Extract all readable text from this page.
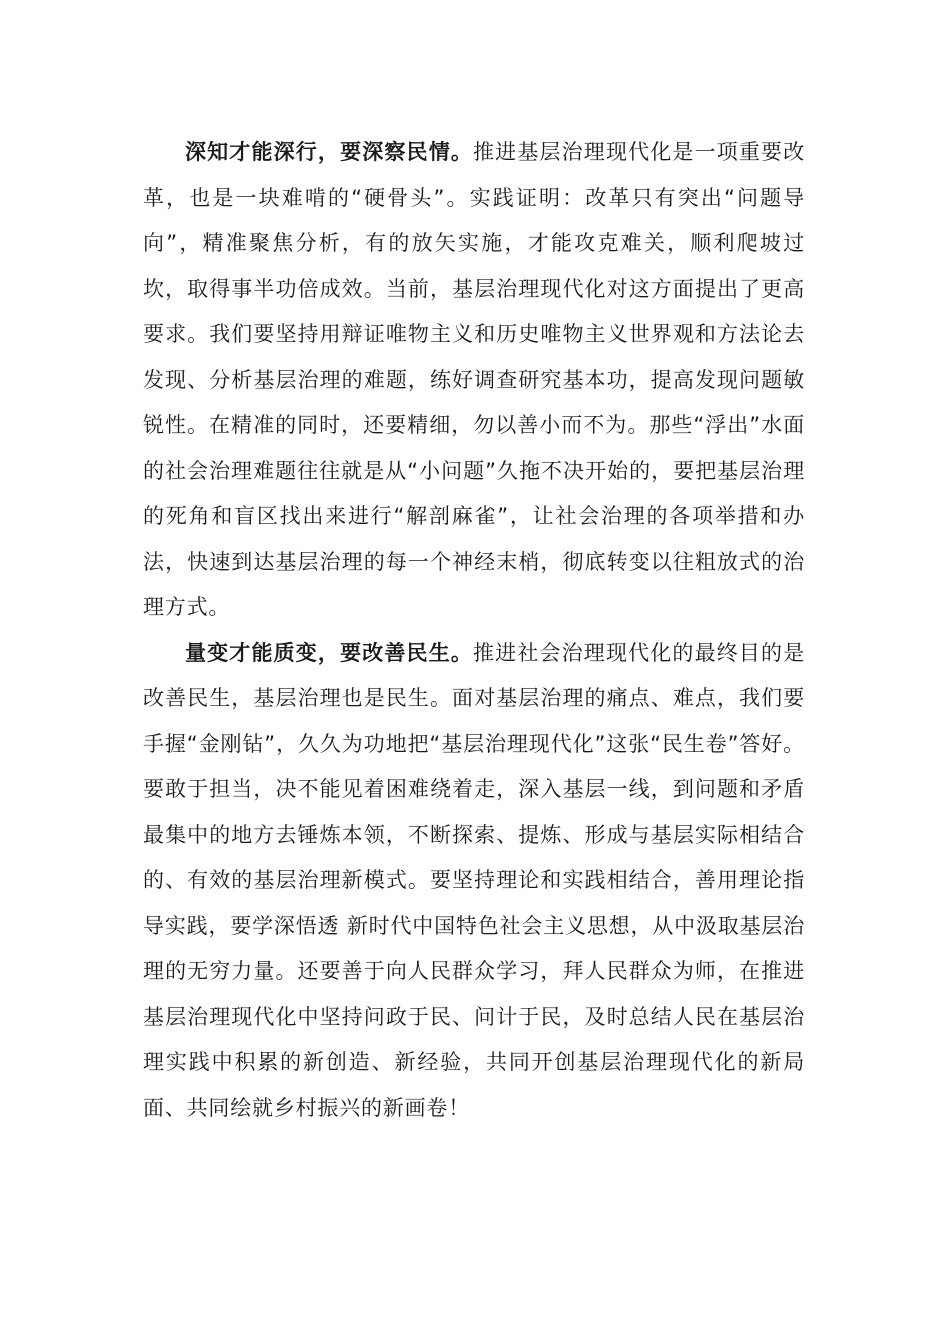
深知才能深行，要深察民情。推进基层治理现代化是一项重要改革，也是一块难啃的“硬骨头”。实践证明：改革只有突出“问题导向”，精准聚焦分析，有的放矢实施，才能攻克难关，顺利爬坡过坎，取得事半功倍成效。当前，基层治理现代化对这方面提出了更高要求。我们要坚持用辩证唯物主义和历史唯物主义世界观和方法论去发现、分析基层治理的难题，练好调查研究基本功，提高发现问题敏锐性。在精准的同时，还要精细，勿以善小而不为。那些“浮出”水面的社会治理难题往往就是从“小问题”久拖不决开始的，要把基层治理的死角和盲区找出来进行“解剖麻雀”，让社会治理的各项举措和办法，快速到达基层治理的每一个神经末梢，彻底转变以往粗放式的治理方式。

量变才能质变，要改善民生。推进社会治理现代化的最终目的是改善民生，基层治理也是民生。面对基层治理的痛点、难点，我们要手握“金刚钻”，久久为功地把“基层治理现代化”这张“民生卷”答好。要敢于担当，决不能见着困难绕着走，深入基层一线，到问题和矛盾最集中的地方去锤炼本领，不断探索、提炼、形成与基层实际相结合的、有效的基层治理新模式。要坚持理论和实践相结合，善用理论指导实践，要学深悟透 新时代中国特色社会主义思想，从中汲取基层治理的无穷力量。还要善于向人民群众学习，拜人民群众为师，在推进基层治理现代化中坚持问政于民、问计于民，及时总结人民在基层治理实践中积累的新创造、新经验，共同开创基层治理现代化的新局面、共同绘就乡村振兴的新画卷！
